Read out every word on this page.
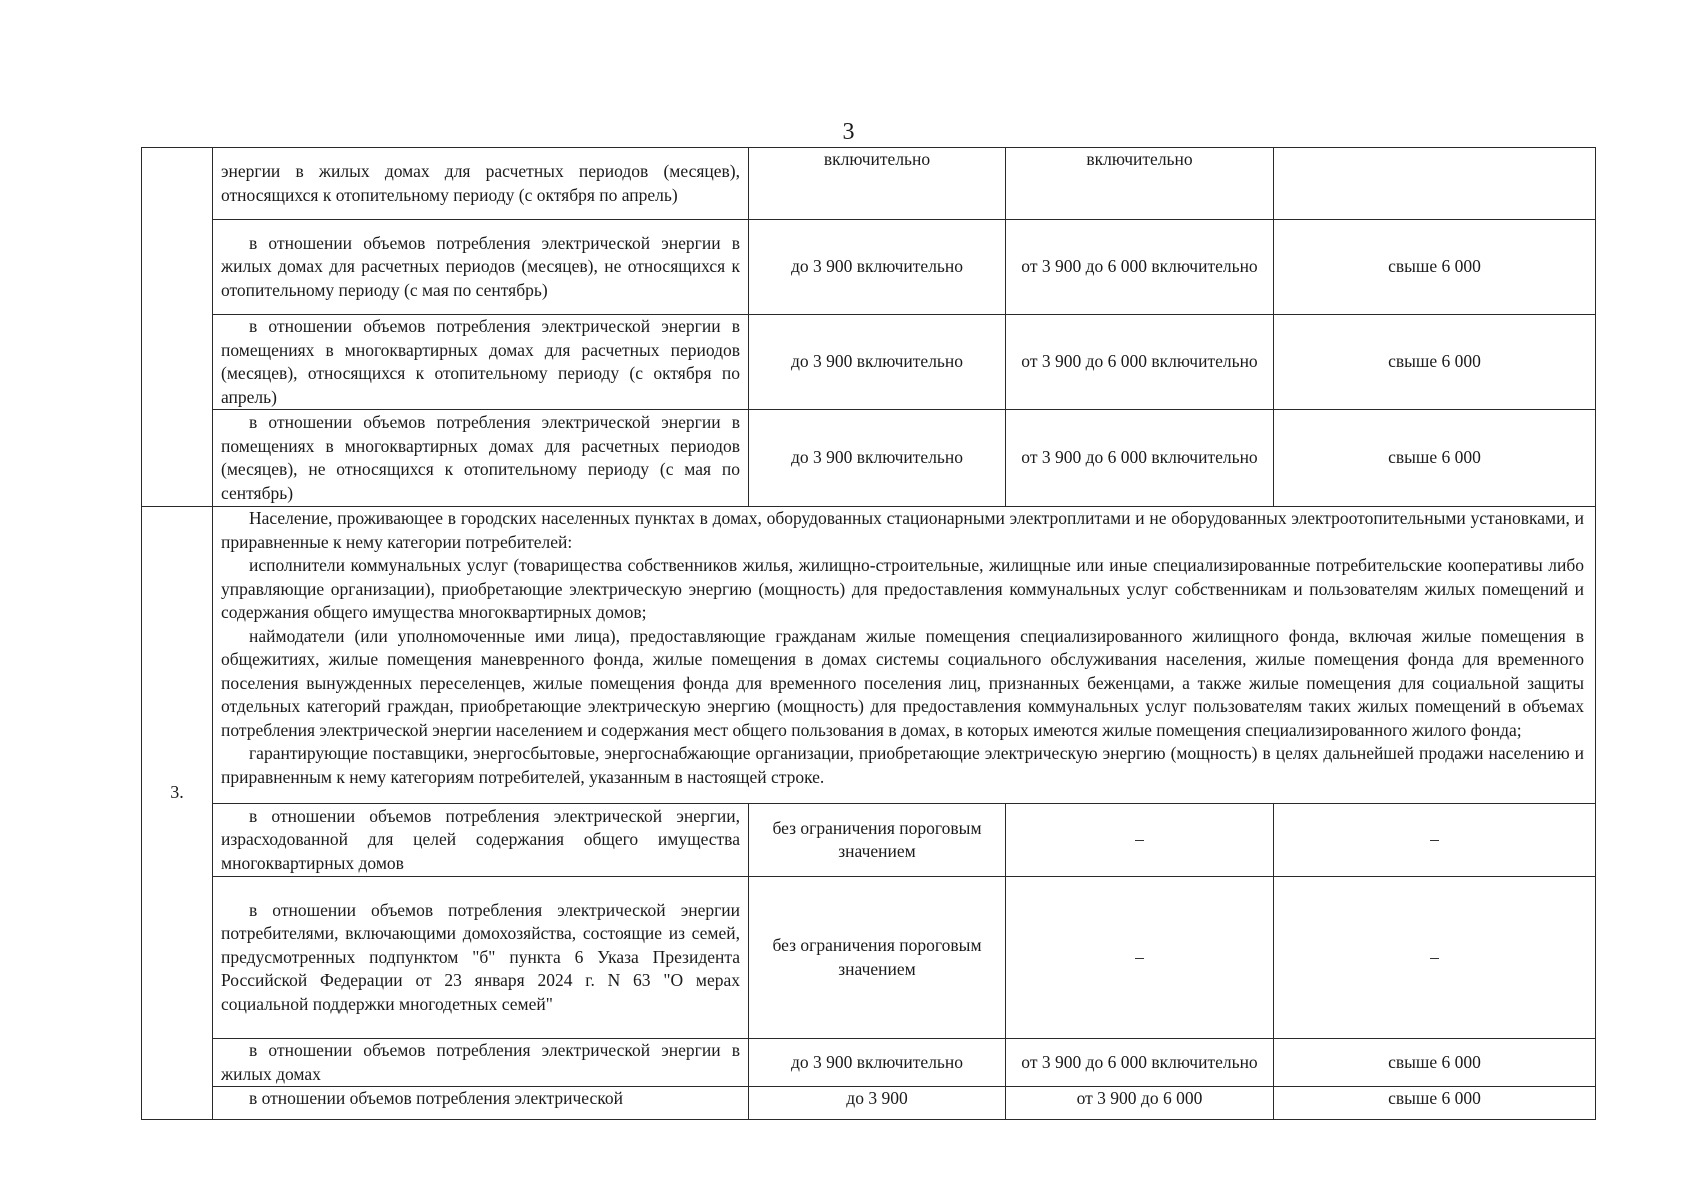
3

	энергии в жилых домах для расчетных периодов (месяцев), относящихся к отопительному периоду (с октября по апрель)	включительно	включительно	

	в отношении объемов потребления электрической энергии в жилых домах для расчетных периодов (месяцев), не относящихся к отопительному периоду (с мая по сентябрь)	до 3 900 включительно	от 3 900 до 6 000 включительно	свыше 6 000

	в отношении объемов потребления электрической энергии в помещениях в многоквартирных домах для расчетных периодов (месяцев), относящихся к отопительному периоду (с октября по апрель)	до 3 900 включительно	от 3 900 до 6 000 включительно	свыше 6 000

	в отношении объемов потребления электрической энергии в помещениях в многоквартирных домах для расчетных периодов (месяцев), не относящихся к отопительному периоду (с мая по сентябрь)	до 3 900 включительно	от 3 900 до 6 000 включительно	свыше 6 000

3.	Население, проживающее в городских населенных пунктах в домах, оборудованных стационарными электроплитами и не оборудованных электроотопительными установками, и приравненные к нему категории потребителей:

исполнители коммунальных услуг (товарищества собственников жилья, жилищно-строительные, жилищные или иные специализированные потребительские кооперативы либо управляющие организации), приобретающие электрическую энергию (мощность) для предоставления коммунальных услуг собственникам и пользователям жилых помещений и содержания общего имущества многоквартирных домов;

наймодатели (или уполномоченные ими лица), предоставляющие гражданам жилые помещения специализированного жилищного фонда, включая жилые помещения в общежитиях, жилые помещения маневренного фонда, жилые помещения в домах системы социального обслуживания населения, жилые помещения фонда для временного поселения вынужденных переселенцев, жилые помещения фонда для временного поселения лиц, признанных беженцами, а также жилые помещения для социальной защиты отдельных категорий граждан, приобретающие электрическую энергию (мощность) для предоставления коммунальных услуг пользователям таких жилых помещений в объемах потребления электрической энергии населением и содержания мест общего пользования в домах, в которых имеются жилые помещения специализированного жилого фонда;

гарантирующие поставщики, энергосбытовые, энергоснабжающие организации, приобретающие электрическую энергию (мощность) в целях дальнейшей продажи населению и приравненным к нему категориям потребителей, указанным в настоящей строке.			

	в отношении объемов потребления электрической энергии, израсходованной для целей содержания общего имущества многоквартирных домов	без ограничения пороговым значением	–	–

	в отношении объемов потребления электрической энергии потребителями, включающими домохозяйства, состоящие из семей, предусмотренных подпунктом "б" пункта 6 Указа Президента Российской Федерации от 23 января 2024 г. N 63 "О мерах социальной поддержки многодетных семей"	без ограничения пороговым значением	–	–

	в отношении объемов потребления электрической энергии в жилых домах	до 3 900 включительно	от 3 900 до 6 000 включительно	свыше 6 000

	в отношении объемов потребления электрической	до 3 900	от 3 900 до 6 000	свыше 6 000
